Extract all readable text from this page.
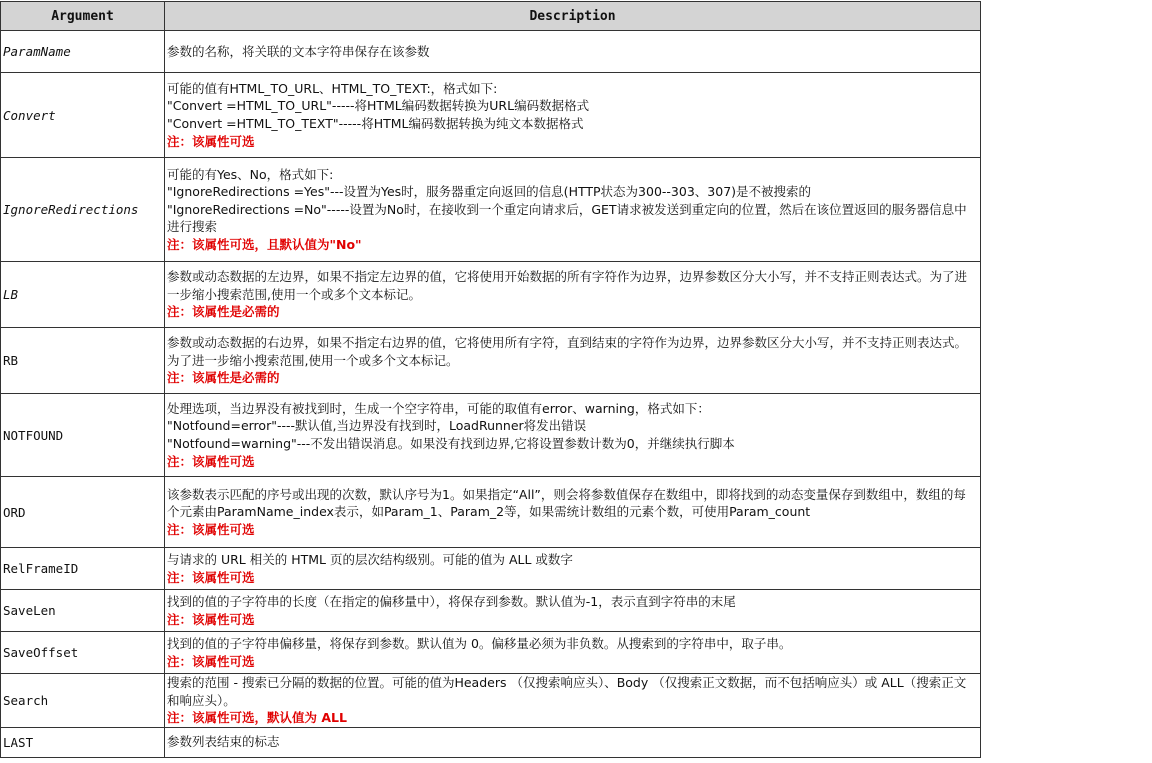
Argument	Description
ParamName	参数的名称，将关联的文本字符串保存在该参数

Convert	可能的值有HTML_TO_URL、HTML_TO_TEXT:，格式如下:
"Convert =HTML_TO_URL"-----将HTML编码数据转换为URL编码数据格式
"Convert =HTML_TO_TEXT"-----将HTML编码数据转换为纯文本数据格式
注：该属性可选

IgnoreRedirections	可能的有Yes、No，格式如下:
"IgnoreRedirections =Yes"---设置为Yes时，服务器重定向返回的信息(HTTP状态为300--303、307)是不被搜索的
"IgnoreRedirections =No"-----设置为No时，在接收到一个重定向请求后，GET请求被发送到重定向的位置，然后在该位置返回的服务器信息中进行搜索
注：该属性可选，且默认值为"No"

LB	参数或动态数据的左边界，如果不指定左边界的值，它将使用开始数据的所有字符作为边界，边界参数区分大小写，并不支持正则表达式。为了进一步缩小搜索范围,使用一个或多个文本标记。
注：该属性是必需的

RB	参数或动态数据的右边界，如果不指定右边界的值，它将使用所有字符，直到结束的字符作为边界，边界参数区分大小写，并不支持正则表达式。为了进一步缩小搜索范围,使用一个或多个文本标记。
注：该属性是必需的

NOTFOUND	处理选项，当边界没有被找到时，生成一个空字符串，可能的取值有error、warning，格式如下：
"Notfound=error"----默认值,当边界没有找到时，LoadRunner将发出错误
"Notfound=warning"---不发出错误消息。如果没有找到边界,它将设置参数计数为0，并继续执行脚本
注：该属性可选

ORD	该参数表示匹配的序号或出现的次数，默认序号为1。如果指定“All”，则会将参数值保存在数组中，即将找到的动态变量保存到数组中，数组的每个元素由ParamName_index表示，如Param_1、Param_2等，如果需统计数组的元素个数，可使用Param_count
注：该属性可选

RelFrameID	与请求的 URL 相关的 HTML 页的层次结构级别。可能的值为 ALL 或数字
注：该属性可选

SaveLen	找到的值的子字符串的长度（在指定的偏移量中），将保存到参数。默认值为-1，表示直到字符串的末尾
注：该属性可选

SaveOffset	找到的值的子字符串偏移量，将保存到参数。默认值为 0。偏移量必须为非负数。从搜索到的字符串中，取子串。
注：该属性可选

Search	搜索的范围 - 搜索已分隔的数据的位置。可能的值为Headers （仅搜索响应头）、Body （仅搜索正文数据，而不包括响应头）或 ALL（搜索正文和响应头）。
注：该属性可选，默认值为 ALL

LAST	参数列表结束的标志
